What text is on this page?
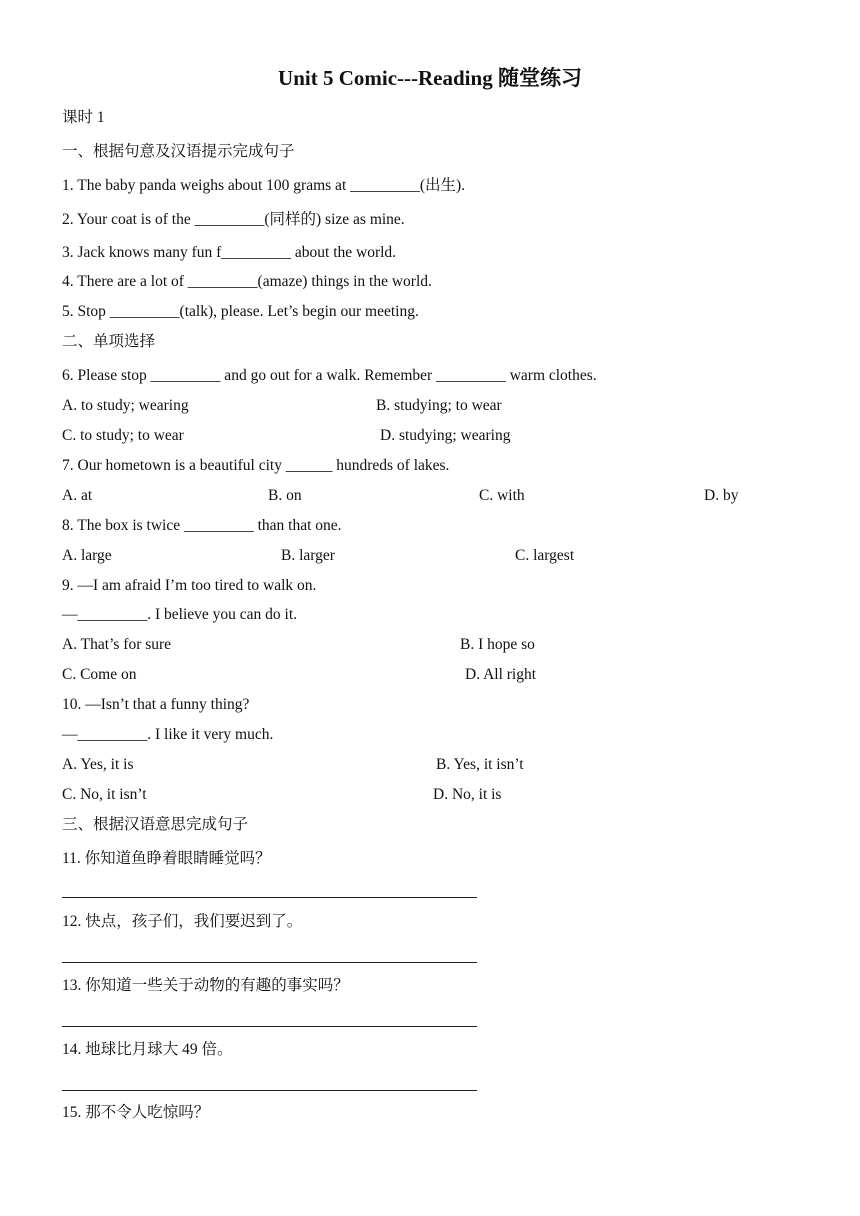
Unit 5 Comic---Reading 随堂练习
课时 1
一、根据句意及汉语提示完成句子
1. The baby panda weighs about 100 grams at _________(出生).
2. Your coat is of the _________(同样的) size as mine.
3. Jack knows many fun f_________ about the world.
4. There are a lot of _________(amaze) things in the world.
5. Stop _________(talk), please. Let’s begin our meeting.
二、单项选择
6. Please stop _________ and go out for a walk. Remember _________ warm clothes.
A. to study; wearing	B. studying; to wear
C. to study; to wear	D. studying; wearing
7. Our hometown is a beautiful city ______ hundreds of lakes.
A. at	B. on	C. with	D. by
8. The box is twice _________ than that one.
A. large	B. larger	C. largest
9. —I am afraid I’m too tired to walk on.
—_________. I believe you can do it.
A. That’s for sure	B. I hope so
C. Come on	D. All right
10. —Isn’t that a funny thing?
—_________. I like it very much.
A. Yes, it is	B. Yes, it isn’t
C. No, it isn’t	D. No, it is
三、根据汉语意思完成句子
11. 你知道鱼睁着眼睛睡觉吗？
12. 快点，孩子们，我们要迟到了。
13. 你知道一些关于动物的有趣的事实吗？
14. 地球比月球大 49 倍。
15. 那不令人吃惊吗？
